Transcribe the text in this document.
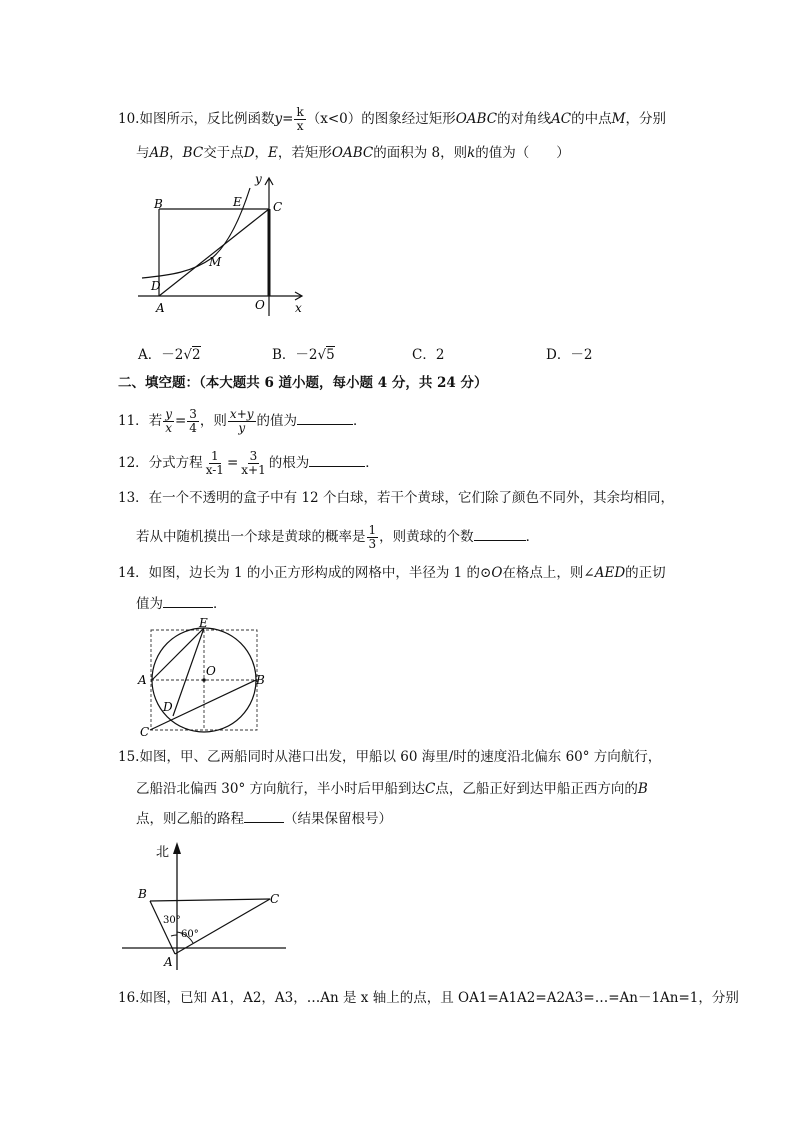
10.如图所示，反比例函数$y= \frac{k}{x} (x<0)$的图象经过矩形OABC的对角线AC的中点M，分别
与AB，BC交于点D，E，若矩形OABC的面积为 8，则k的值为（　　）
B	E	C
y
M
D
A	O	x
A．－2√2	B．－2√5	C．2	D．－2
二、填空题：（本大题共 6 道小题，每小题 4 分，共 24 分）
11．若 $\frac{y}{x} = \frac{3}{4}$ ，则 $\frac{x+y}{y}$ 的值为	．
12．分式方程 $\frac{1}{x-1} = \frac{3}{x+1}$ 的根为	．
13．在一个不透明的盒子中有 12 个白球，若干个黄球，它们除了颜色不同外，其余均相同，
若从中随机摸出一个球是黄球的概率是 $\frac{1}{3}$ ，则黄球的个数	．
14．如图，边长为 1 的小正方形构成的网格中，半径为 1 的⊙O在格点上，则∠AED的正切
值为	．
E
A
O
B
D
C
15.如图，甲、乙两船同时从港口出发，甲船以 60 海里/时的速度沿北偏东 60° 方向航行，
乙船沿北偏西 30° 方向航行，半小时后甲船到达C点，乙船正好到达甲船正西方向的B
点，则乙船的路程	（结果保留根号）
北
B	C
30°
60°
A
16.如图，已知 A1，A2，A3，…An 是 x 轴上的点，且 OA1=A1A2=A2A3=…=An－1An=1，分别
